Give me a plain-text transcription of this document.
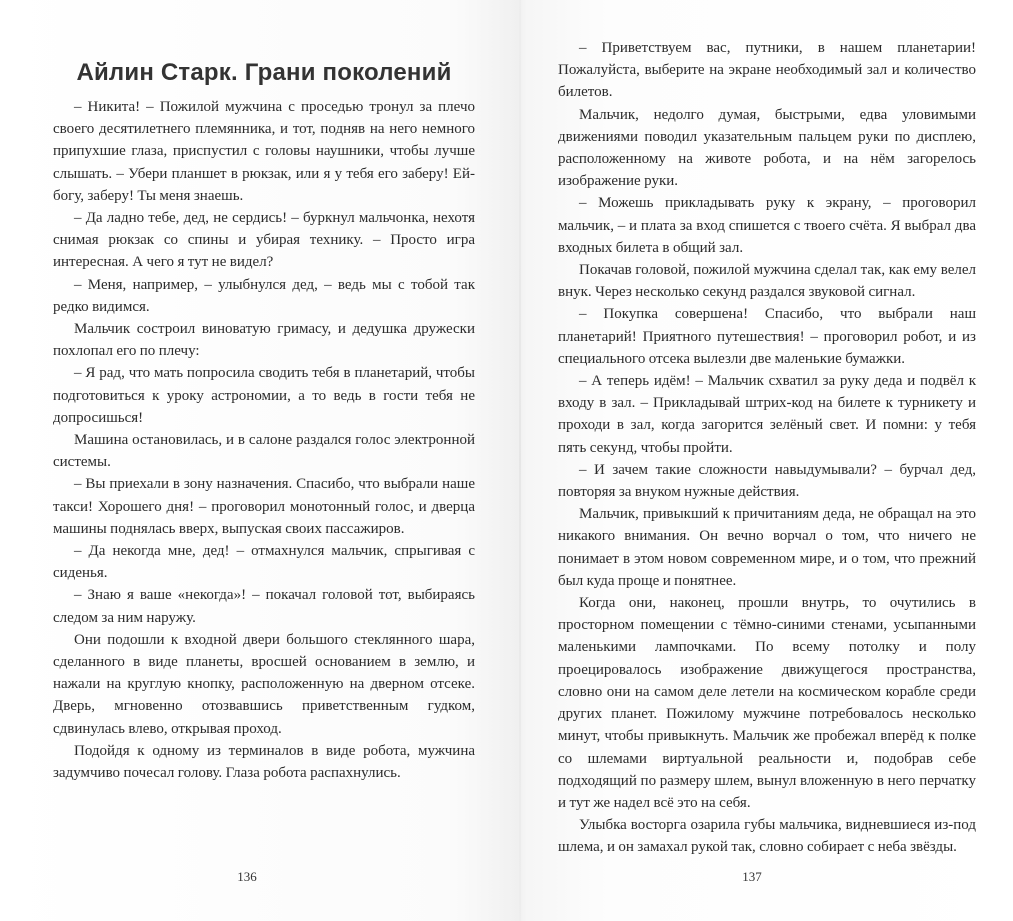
Айлин Старк. Грани поколений

– Никита! – Пожилой мужчина с проседью тронул за плечо своего десятилетнего племянника, и тот, подняв на него немного припухшие глаза, приспустил с головы наушники, чтобы лучше слышать. – Убери планшет в рюкзак, или я у тебя его заберу! Ей-богу, заберу! Ты меня знаешь.

– Да ладно тебе, дед, не сердись! – буркнул мальчонка, нехотя снимая рюкзак со спины и убирая технику. – Просто игра интересная. А чего я тут не видел?

– Меня, например, – улыбнулся дед, – ведь мы с тобой так редко видимся.

Мальчик состроил виноватую гримасу, и дедушка дружески похлопал его по плечу:

– Я рад, что мать попросила сводить тебя в планетарий, чтобы подготовиться к уроку астрономии, а то ведь в гости тебя не допросишься!

Машина остановилась, и в салоне раздался голос электронной системы.

– Вы приехали в зону назначения. Спасибо, что выбрали наше такси! Хорошего дня! – проговорил монотонный голос, и дверца машины поднялась вверх, выпуская своих пассажиров.

– Да некогда мне, дед! – отмахнулся мальчик, спрыгивая с сиденья.

– Знаю я ваше «некогда»! – покачал головой тот, выбираясь следом за ним наружу.

Они подошли к входной двери большого стеклянного шара, сделанного в виде планеты, вросшей основанием в землю, и нажали на круглую кнопку, расположенную на дверном отсеке. Дверь, мгновенно отозвавшись приветственным гудком, сдвинулась влево, открывая проход.

Подойдя к одному из терминалов в виде робота, мужчина задумчиво почесал голову. Глаза робота распахнулись.

136

– Приветствуем вас, путники, в нашем планетарии! Пожалуйста, выберите на экране необходимый зал и количество билетов.

Мальчик, недолго думая, быстрыми, едва уловимыми движениями поводил указательным пальцем руки по дисплею, расположенному на животе робота, и на нём загорелось изображение руки.

– Можешь прикладывать руку к экрану, – проговорил мальчик, – и плата за вход спишется с твоего счёта. Я выбрал два входных билета в общий зал.

Покачав головой, пожилой мужчина сделал так, как ему велел внук. Через несколько секунд раздался звуковой сигнал.

– Покупка совершена! Спасибо, что выбрали наш планетарий! Приятного путешествия! – проговорил робот, и из специального отсека вылезли две маленькие бумажки.

– А теперь идём! – Мальчик схватил за руку деда и подвёл к входу в зал. – Прикладывай штрих-код на билете к турникету и проходи в зал, когда загорится зелёный свет. И помни: у тебя пять секунд, чтобы пройти.

– И зачем такие сложности навыдумывали? – бурчал дед, повторяя за внуком нужные действия.

Мальчик, привыкший к причитаниям деда, не обращал на это никакого внимания. Он вечно ворчал о том, что ничего не понимает в этом новом современном мире, и о том, что прежний был куда проще и понятнее.

Когда они, наконец, прошли внутрь, то очутились в просторном помещении с тёмно-синими стенами, усыпанными маленькими лампочками. По всему потолку и полу проецировалось изображение движущегося пространства, словно они на самом деле летели на космическом корабле среди других планет. Пожилому мужчине потребовалось несколько минут, чтобы привыкнуть. Мальчик же пробежал вперёд к полке со шлемами виртуальной реальности и, подобрав себе подходящий по размеру шлем, вынул вложенную в него перчатку и тут же надел всё это на себя.

Улыбка восторга озарила губы мальчика, видневшиеся из-под шлема, и он замахал рукой так, словно собирает с неба звёзды.

137
